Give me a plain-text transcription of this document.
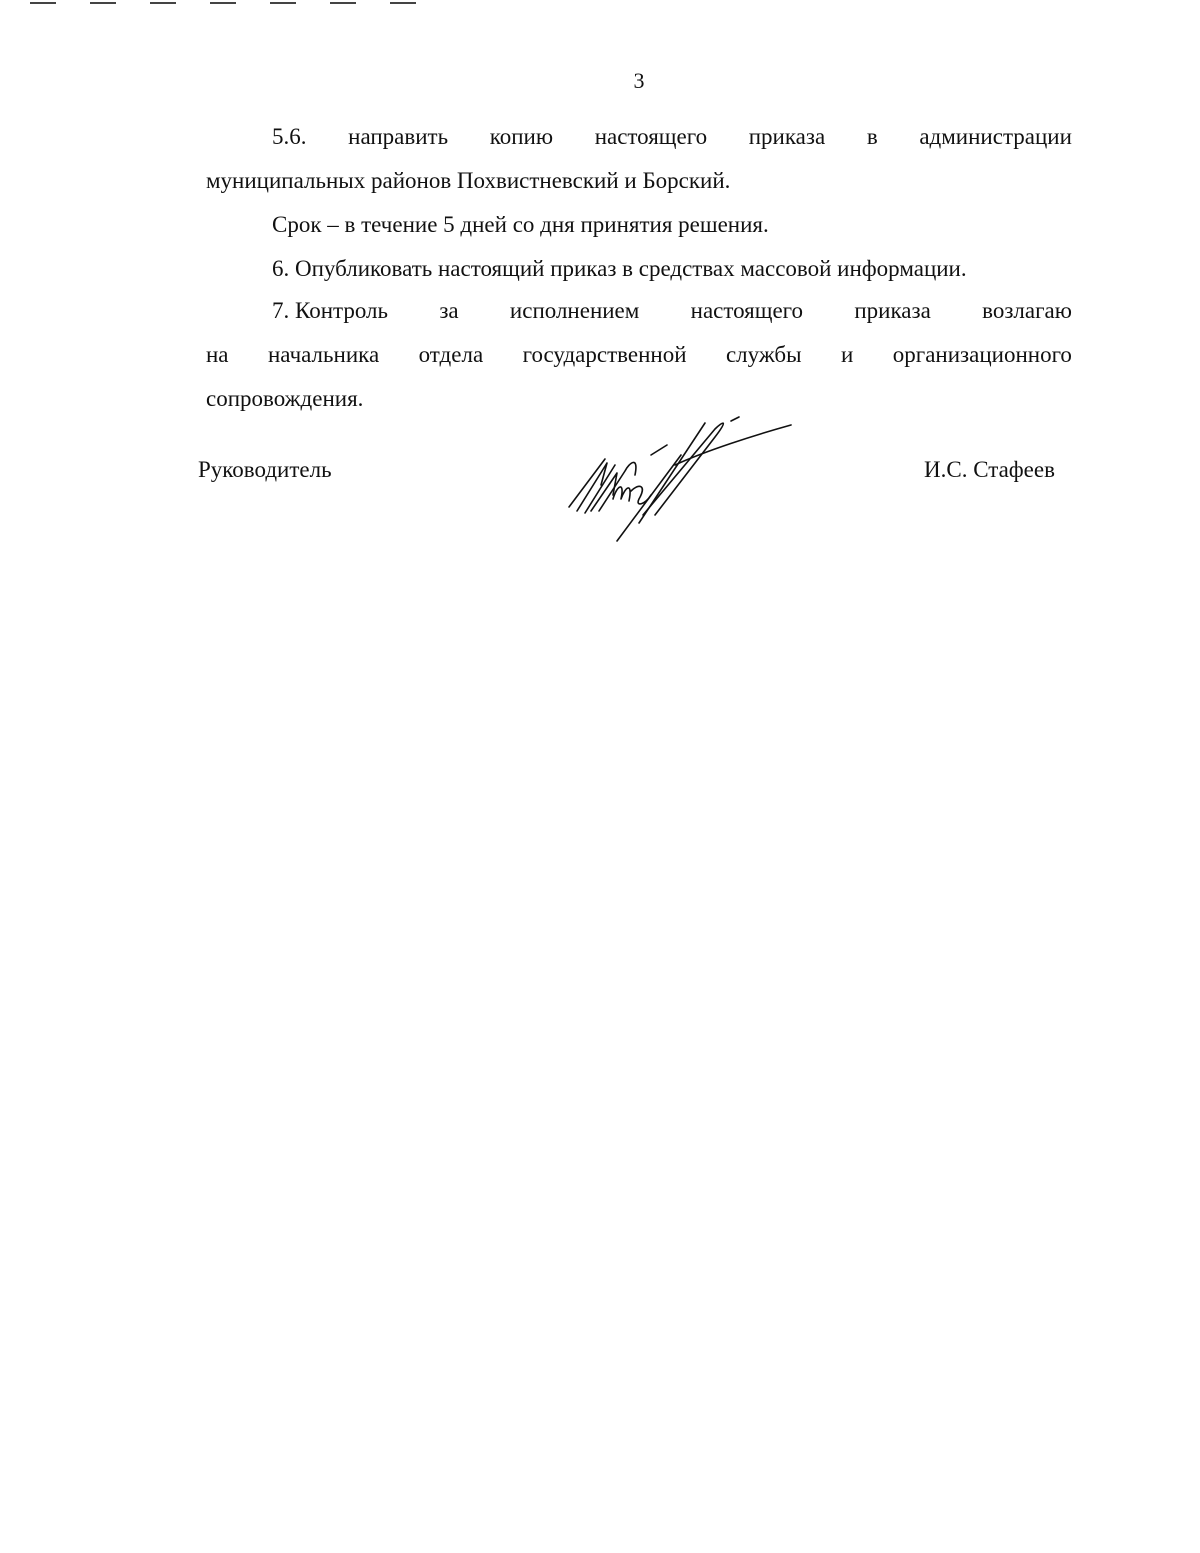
3
5.6. направить копию настоящего приказа в администрации
муниципальных районов Похвистневский и Борский.

Срок – в течение 5 дней со дня принятия решения.

6. Опубликовать настоящий приказ в средствах массовой информации.

7. Контроль за исполнением настоящего приказа возлагаю
на начальника отдела государственной службы и организационного
сопровождения.
Руководитель	И.С. Стафеев
